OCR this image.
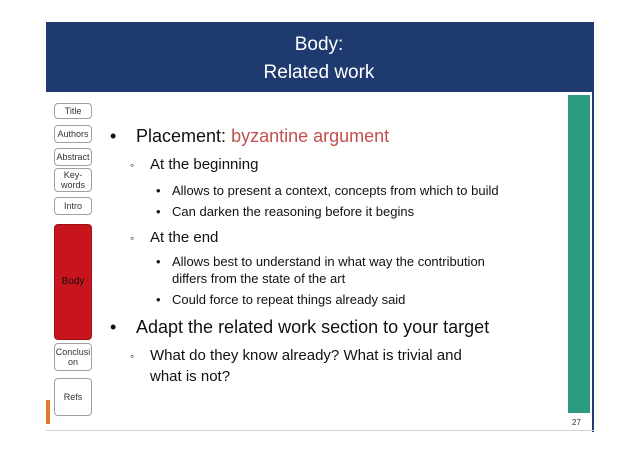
Body:
Related work
Title
Authors
Abstract
Key-
words
Intro
Body
Conclusi
on
Refs
• Placement: byzantine argument
◦ At the beginning
• Allows to present a context, concepts from which to build
• Can darken the reasoning before it begins
◦ At the end
• Allows best to understand in what way the contribution
differs from the state of the art
• Could force to repeat things already said
• Adapt the related work section to your target
◦ What do they know already? What is trivial and
what is not?
27
